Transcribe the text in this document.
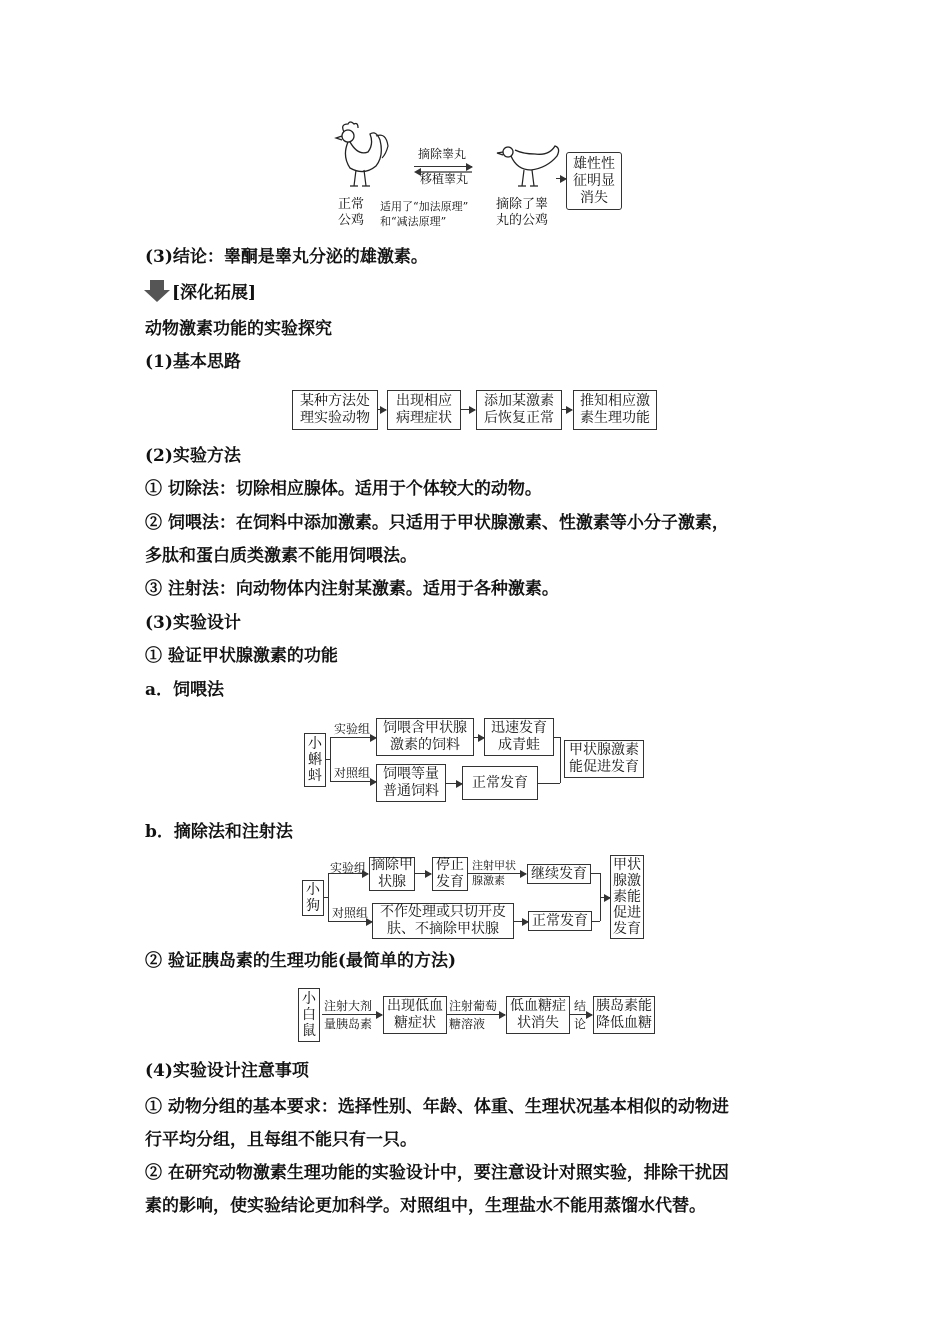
正常
公鸡
摘除睾丸
移植睾丸
适用了“加法原理”
和“减法原理”
摘除了睾
丸的公鸡
雄性性
征明显
消失
(3)结论：睾酮是睾丸分泌的雄激素。
[深化拓展]
动物激素功能的实验探究
(1)基本思路
某种方法处
理实验动物
出现相应
病理症状
添加某激素
后恢复正常
推知相应激
素生理功能
(2)实验方法
① 切除法：切除相应腺体。适用于个体较大的动物。
② 饲喂法：在饲料中添加激素。只适用于甲状腺激素、性激素等小分子激素，
多肽和蛋白质类激素不能用饲喂法。
③ 注射法：向动物体内注射某激素。适用于各种激素。
(3)实验设计
① 验证甲状腺激素的功能
a．饲喂法
小
蝌
蚪
实验组
对照组
饲喂含甲状腺
激素的饲料
迅速发育
成青蛙
饲喂等量
普通饲料
正常发育
甲状腺激素
能促进发育
b．摘除法和注射法
小
狗
实验组
对照组
摘除甲
状腺
停止
发育
注射甲状
腺激素	继续发育
不作处理或只切开皮
肤、不摘除甲状腺
正常发育
甲状
腺激
素能
促进
发育
② 验证胰岛素的生理功能(最简单的方法)
小
白
鼠
注射大剂
量胰岛素
出现低血
糖症状
注射葡萄
糖溶液
低血糖症
状消失
结
论
胰岛素能
降低血糖
(4)实验设计注意事项
① 动物分组的基本要求：选择性别、年龄、体重、生理状况基本相似的动物进
行平均分组，且每组不能只有一只。
② 在研究动物激素生理功能的实验设计中，要注意设计对照实验，排除干扰因
素的影响，使实验结论更加科学。对照组中，生理盐水不能用蒸馏水代替。
